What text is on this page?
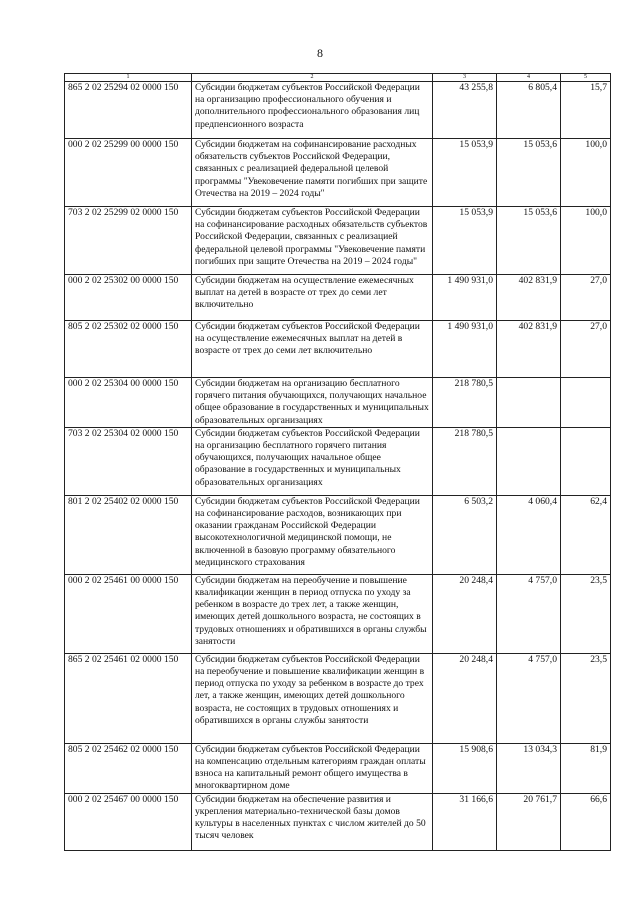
8
1	2	3	4	5
865 2 02 25294 02 0000 150	Субсидии бюджетам субъектов Российской Федерации на организацию профессионального обучения и дополнительного профессионального образования лиц предпенсионного возраста	43 255,8	6 805,4	15,7
000 2 02 25299 00 0000 150	Субсидии бюджетам на софинансирование расходных обязательств субъектов Российской Федерации, связанных с реализацией федеральной целевой программы "Увековечение памяти погибших при защите Отечества на 2019 – 2024 годы"	15 053,9	15 053,6	100,0
703 2 02 25299 02 0000 150	Субсидии бюджетам субъектов Российской Федерации на софинансирование расходных обязательств субъектов Российской Федерации, связанных с реализацией федеральной целевой программы "Увековечение памяти погибших при защите Отечества на 2019 – 2024 годы"	15 053,9	15 053,6	100,0
000 2 02 25302 00 0000 150	Субсидии бюджетам на осуществление ежемесячных выплат на детей в возрасте от трех до семи лет включительно	1 490 931,0	402 831,9	27,0
805 2 02 25302 02 0000 150	Субсидии бюджетам субъектов Российской Федерации на осуществление ежемесячных выплат на детей в возрасте от трех до семи лет включительно	1 490 931,0	402 831,9	27,0
000 2 02 25304 00 0000 150	Субсидии бюджетам на организацию бесплатного горячего питания обучающихся, получающих начальное общее образование в государственных и муниципальных образовательных организациях	218 780,5		
703 2 02 25304 02 0000 150	Субсидии бюджетам субъектов Российской Федерации на организацию бесплатного горячего питания обучающихся, получающих начальное общее образование в государственных и муниципальных образовательных организациях	218 780,5		
801 2 02 25402 02 0000 150	Субсидии бюджетам субъектов Российской Федерации на софинансирование расходов, возникающих при оказании гражданам Российской Федерации высокотехнологичной медицинской помощи, не включенной в базовую программу обязательного медицинского страхования	6 503,2	4 060,4	62,4
000 2 02 25461 00 0000 150	Субсидии бюджетам на переобучение и повышение квалификации женщин в период отпуска по уходу за ребенком в возрасте до трех лет, а также женщин, имеющих детей дошкольного возраста, не состоящих в трудовых отношениях и обратившихся в органы службы занятости	20 248,4	4 757,0	23,5
865 2 02 25461 02 0000 150	Субсидии бюджетам субъектов Российской Федерации на переобучение и повышение квалификации женщин в период отпуска по уходу за ребенком в возрасте до трех лет, а также женщин, имеющих детей дошкольного возраста, не состоящих в трудовых отношениях и обратившихся в органы службы занятости	20 248,4	4 757,0	23,5
805 2 02 25462 02 0000 150	Субсидии бюджетам субъектов Российской Федерации на компенсацию отдельным категориям граждан оплаты взноса на капитальный ремонт общего имущества в многоквартирном доме	15 908,6	13 034,3	81,9
000 2 02 25467 00 0000 150	Субсидии бюджетам на обеспечение развития и укрепления материально-технической базы домов культуры в населенных пунктах с числом жителей до 50 тысяч человек	31 166,6	20 761,7	66,6
